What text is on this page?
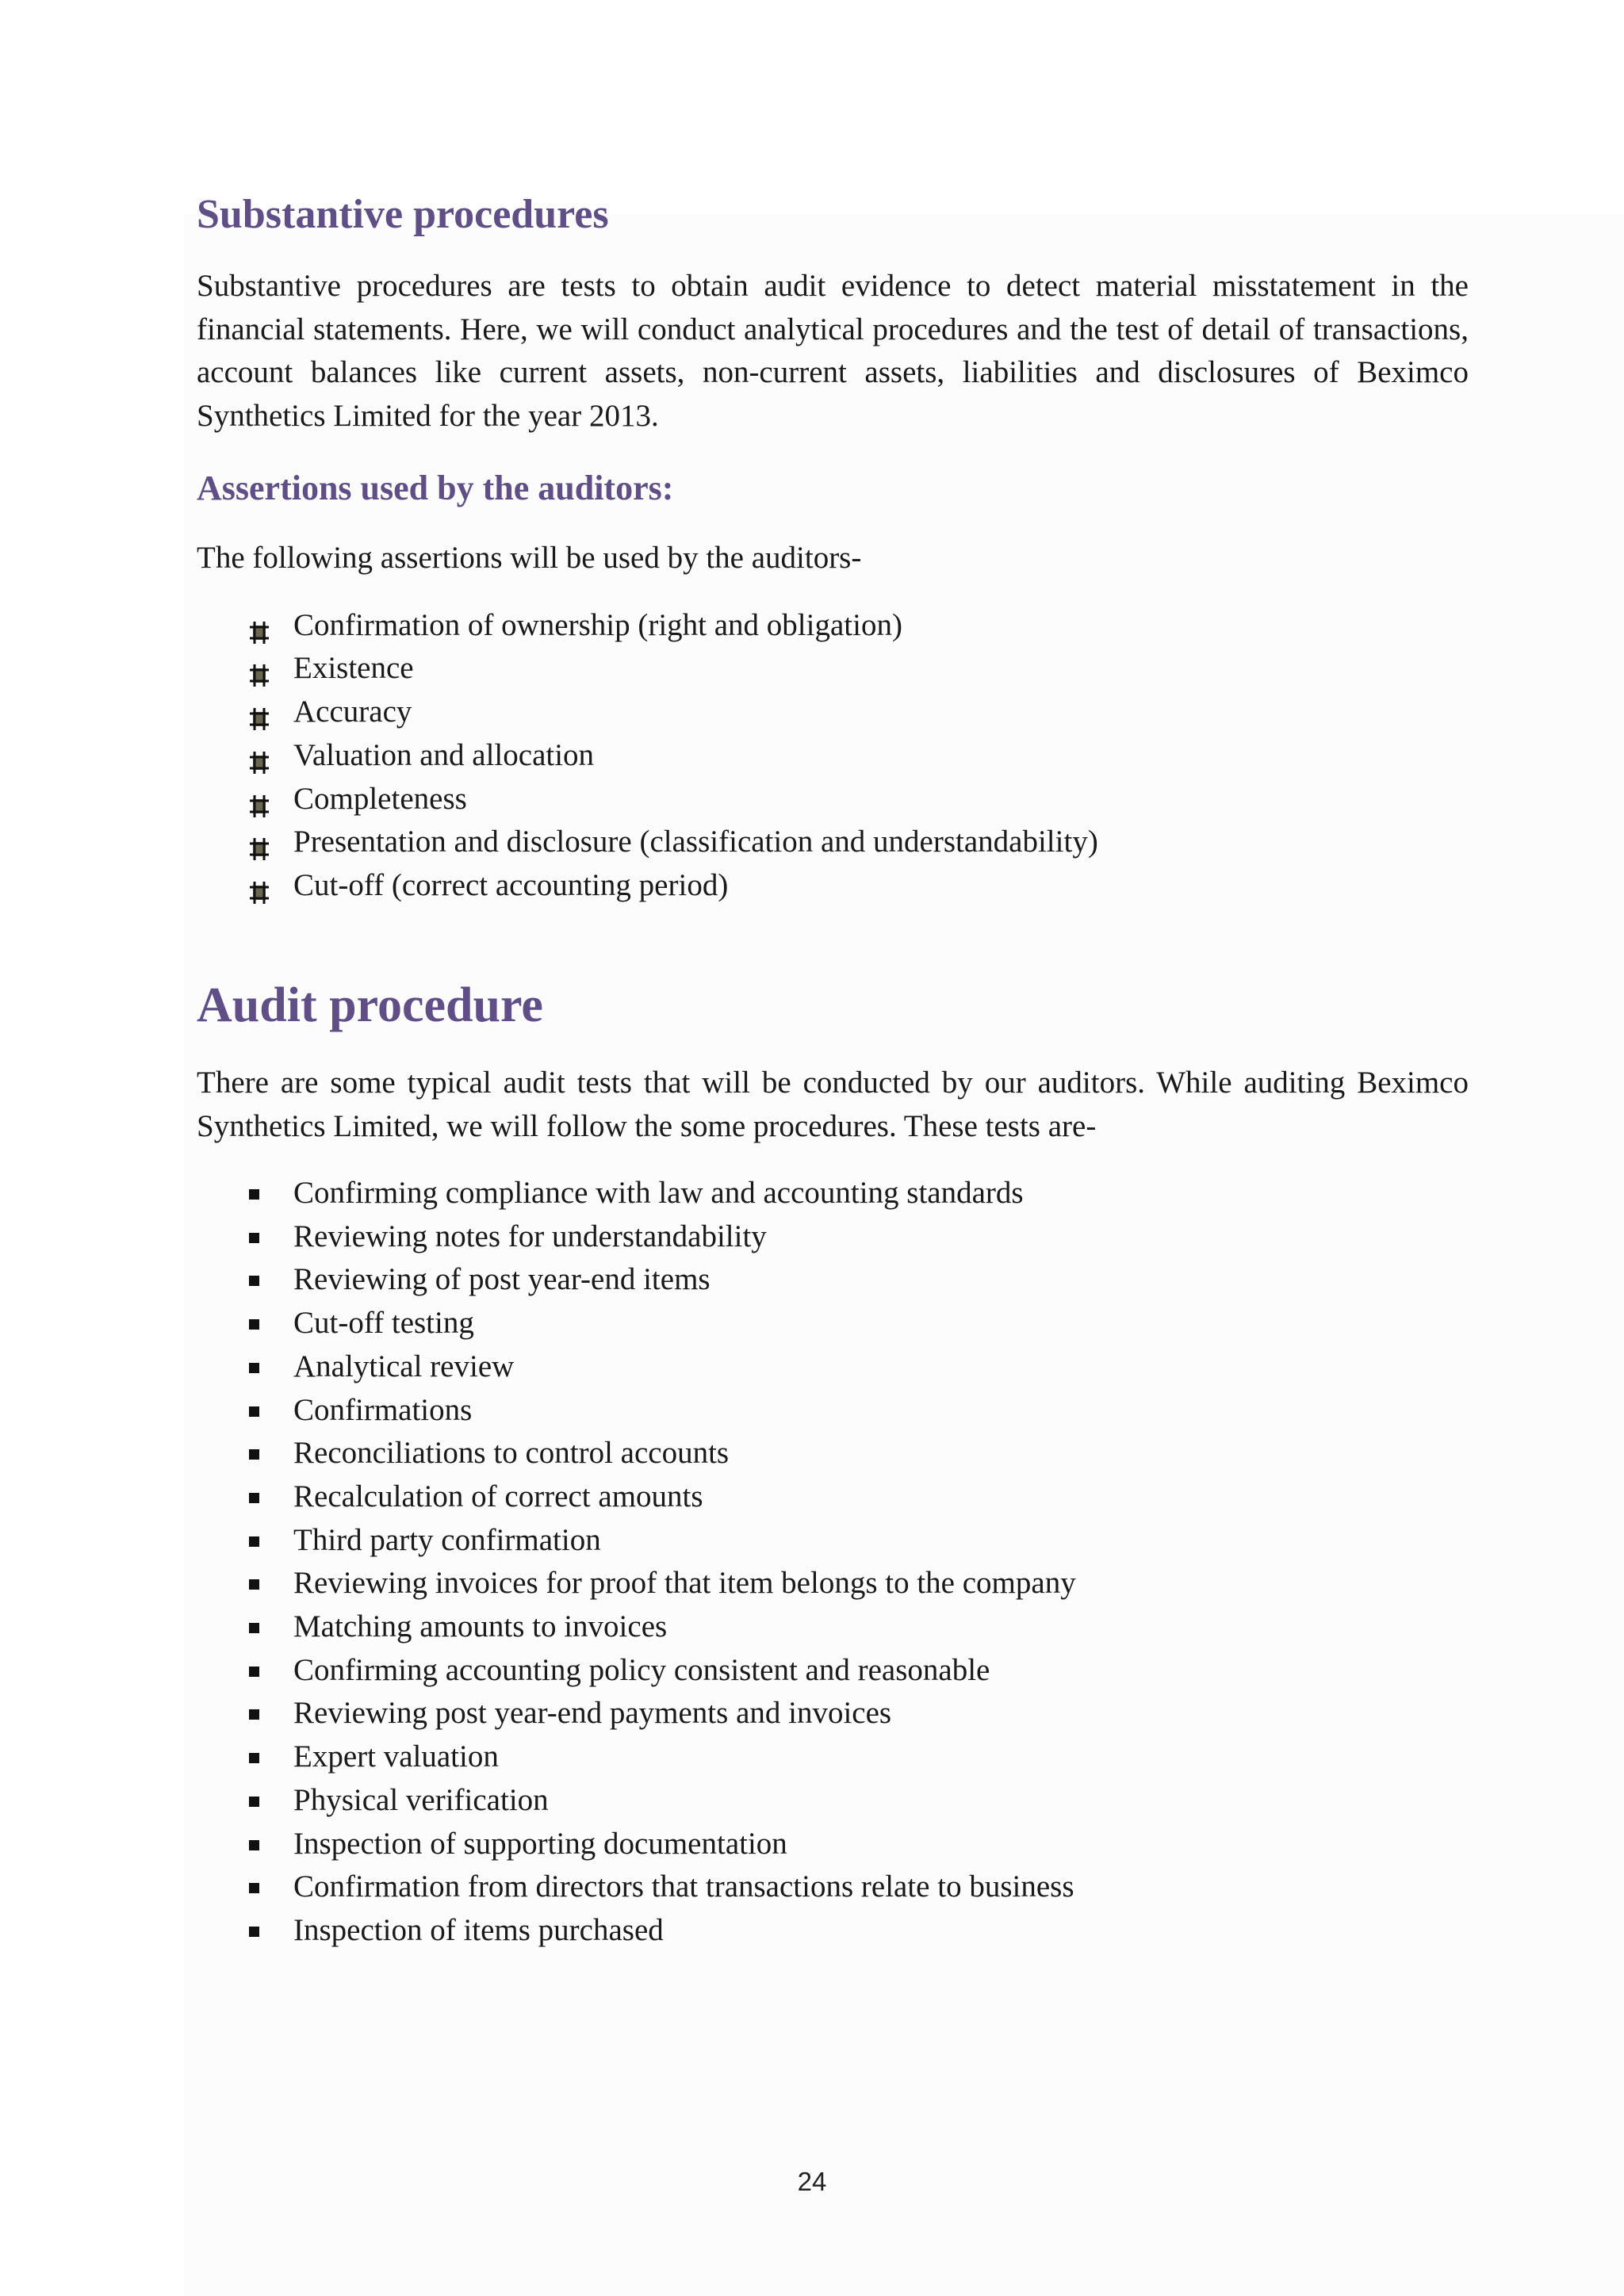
Substantive procedures

Substantive procedures are tests to obtain audit evidence to detect material misstatement in the financial statements. Here, we will conduct analytical procedures and the test of detail of transactions, account balances like current assets, non-current assets, liabilities and disclosures of Beximco Synthetics Limited for the year 2013.

Assertions used by the auditors:

The following assertions will be used by the auditors-

Confirmation of ownership (right and obligation)
Existence
Accuracy
Valuation and allocation
Completeness
Presentation and disclosure (classification and understandability)
Cut-off (correct accounting period)
Audit procedure

There are some typical audit tests that will be conducted by our auditors. While auditing Beximco Synthetics Limited, we will follow the some procedures. These tests are-

Confirming compliance with law and accounting standards
Reviewing notes for understandability
Reviewing of post year-end items
Cut-off testing
Analytical review
Confirmations
Reconciliations to control accounts
Recalculation of correct amounts
Third party confirmation
Reviewing invoices for proof that item belongs to the company
Matching amounts to invoices
Confirming accounting policy consistent and reasonable
Reviewing post year-end payments and invoices
Expert valuation
Physical verification
Inspection of supporting documentation
Confirmation from directors that transactions relate to business
Inspection of items purchased
24
